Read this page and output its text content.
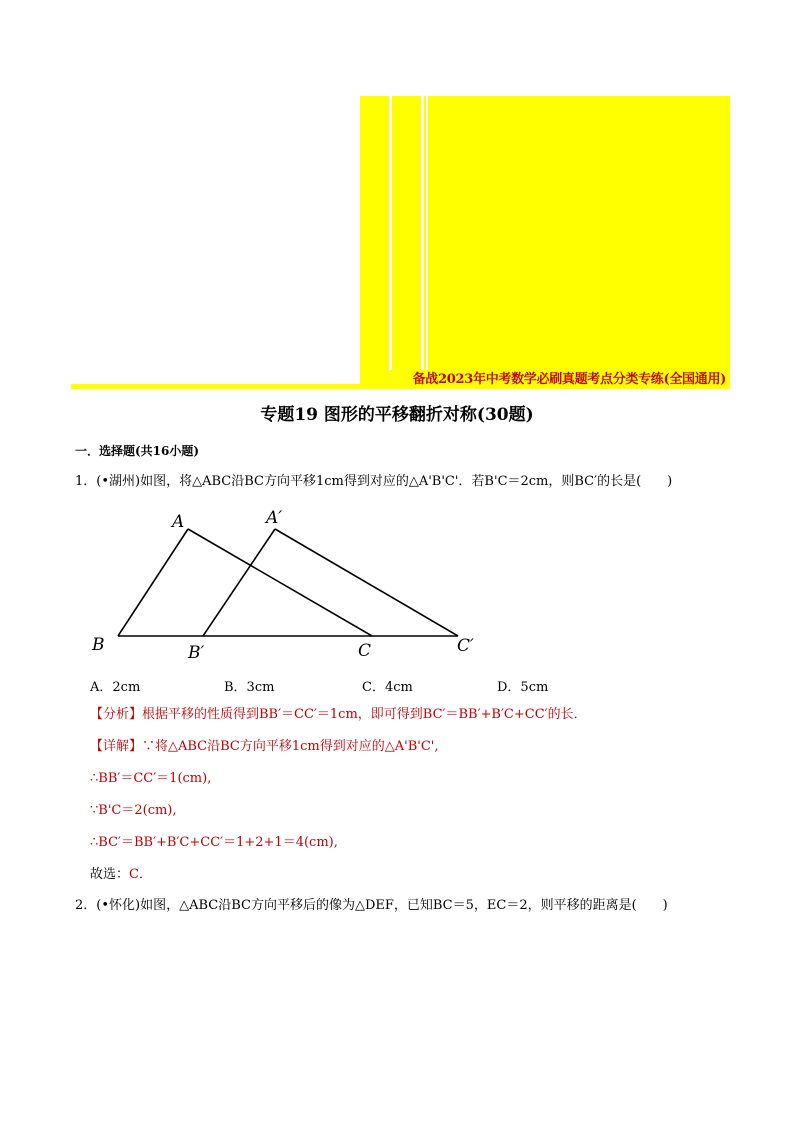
备战2023年中考数学必刷真题考点分类专练(全国通用)
专题19 图形的平移翻折对称(30题)
一．选择题(共16小题)
1．(•湖州)如图，将△ABC沿BC方向平移1cm得到对应的△A'B'C'．若B'C＝2cm，则BC′的长是(　　)
A	A′
B	B′	C	C′
A．2cm	B．3cm	C．4cm	D．5cm
【分析】根据平移的性质得到BB′＝CC′＝1cm，即可得到BC′＝BB′+B′C+CC′的长．
【详解】∵将△ABC沿BC方向平移1cm得到对应的△A'B'C',
∴BB′＝CC′＝1(cm),
∵B'C＝2(cm),
∴BC′＝BB′+B′C+CC′＝1+2+1＝4(cm),
故选：C．
2．(•怀化)如图，△ABC沿BC方向平移后的像为△DEF，已知BC＝5，EC＝2，则平移的距离是(　　)
